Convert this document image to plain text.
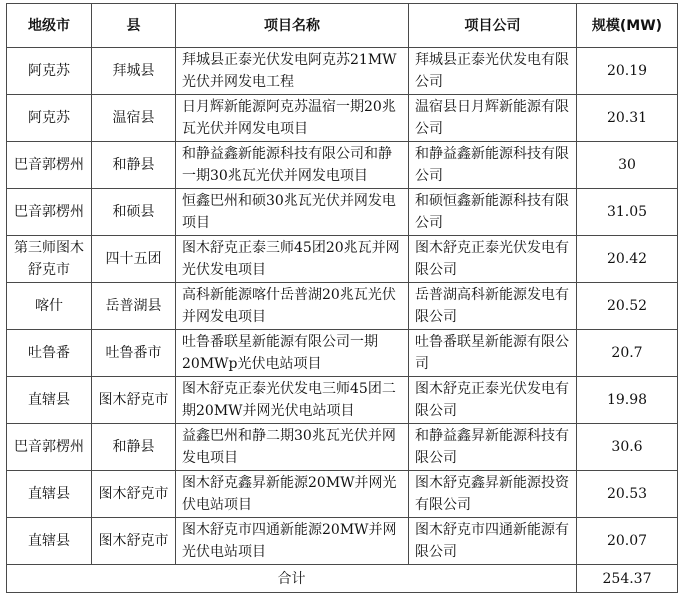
地级市	县	项目名称	项目公司	规模(MW)
阿克苏	拜城县	拜城县正泰光伏发电阿克苏21MW光伏并网发电工程	拜城县正泰光伏发电有限公司	20.19
阿克苏	温宿县	日月辉新能源阿克苏温宿一期20兆瓦光伏并网发电项目	温宿县日月辉新能源有限公司	20.31
巴音郭楞州	和静县	和静益鑫新能源科技有限公司和静一期30兆瓦光伏并网发电项目	和静益鑫新能源科技有限公司	30
巴音郭楞州	和硕县	恒鑫巴州和硕30兆瓦光伏并网发电项目	和硕恒鑫新能源科技有限公司	31.05
第三师图木舒克市	四十五团	图木舒克正泰三师45团20兆瓦并网光伏发电项目	图木舒克正泰光伏发电有限公司	20.42
喀什	岳普湖县	高科新能源喀什岳普湖20兆瓦光伏并网发电项目	岳普湖高科新能源发电有限公司	20.52
吐鲁番	吐鲁番市	吐鲁番联星新能源有限公司一期20MWp光伏电站项目	吐鲁番联星新能源有限公司	20.7
直辖县	图木舒克市	图木舒克正泰光伏发电三师45团二期20MW并网光伏电站项目	图木舒克正泰光伏发电有限公司	19.98
巴音郭楞州	和静县	益鑫巴州和静二期30兆瓦光伏并网发电项目	和静益鑫昇新能源科技有限公司	30.6
直辖县	图木舒克市	图木舒克鑫昇新能源20MW并网光伏电站项目	图木舒克鑫昇新能源投资有限公司	20.53
直辖县	图木舒克市	图木舒克市四通新能源20MW并网光伏电站项目	图木舒克市四通新能源有限公司	20.07
合计				254.37
